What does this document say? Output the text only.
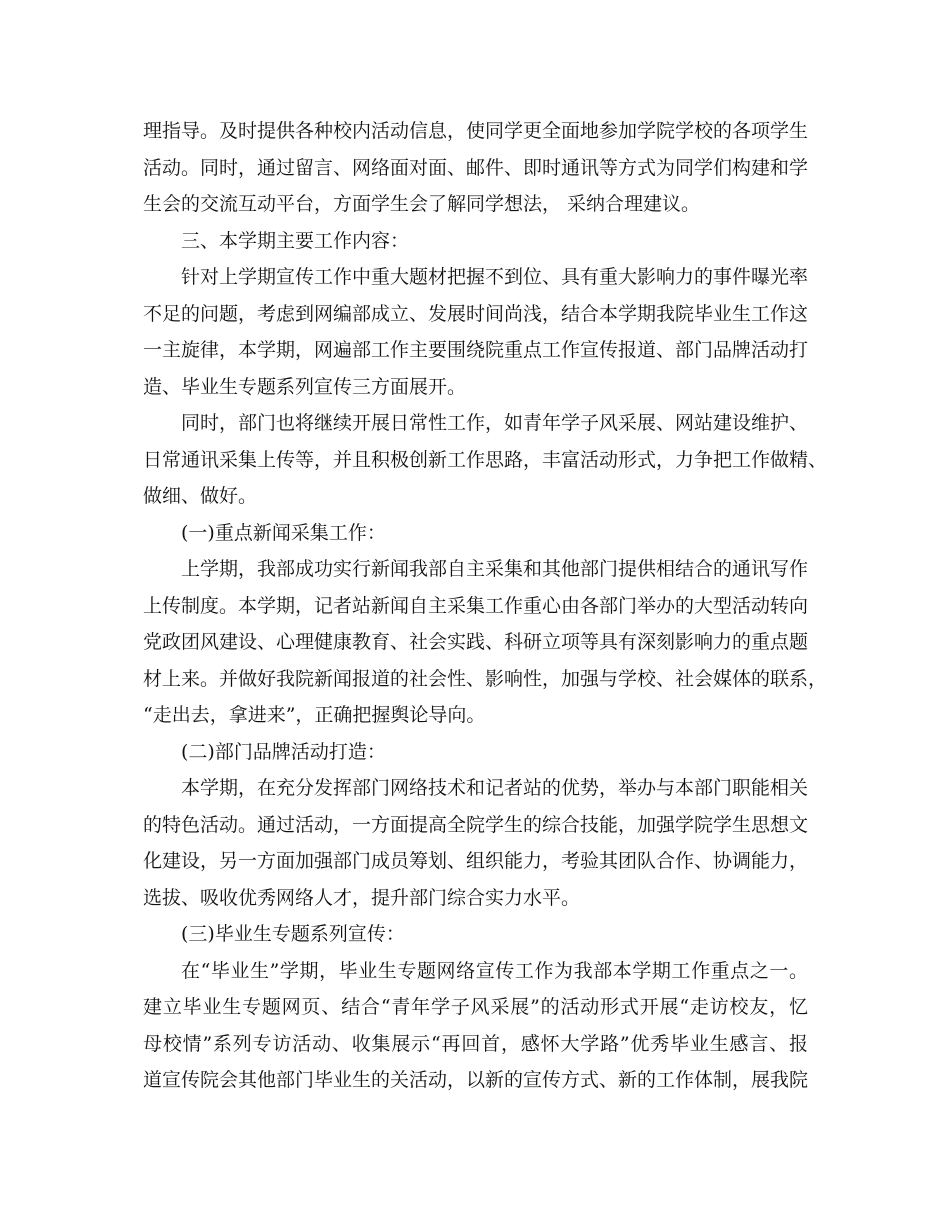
理指导。及时提供各种校内活动信息，使同学更全面地参加学院学校的各项学生
活动。同时，通过留言、网络面对面、邮件、即时通讯等方式为同学们构建和学
生会的交流互动平台，方面学生会了解同学想法， 采纳合理建议。
三、本学期主要工作内容：
针对上学期宣传工作中重大题材把握不到位、具有重大影响力的事件曝光率
不足的问题，考虑到网编部成立、发展时间尚浅，结合本学期我院毕业生工作这
一主旋律，本学期，网遍部工作主要围绕院重点工作宣传报道、部门品牌活动打
造、毕业生专题系列宣传三方面展开。
同时，部门也将继续开展日常性工作，如青年学子风采展、网站建设维护、
日常通讯采集上传等，并且积极创新工作思路，丰富活动形式，力争把工作做精、
做细、做好。
(一)重点新闻采集工作：
上学期，我部成功实行新闻我部自主采集和其他部门提供相结合的通讯写作
上传制度。本学期，记者站新闻自主采集工作重心由各部门举办的大型活动转向
党政团风建设、心理健康教育、社会实践、科研立项等具有深刻影响力的重点题
材上来。并做好我院新闻报道的社会性、影响性，加强与学校、社会媒体的联系，
“走出去，拿进来”，正确把握舆论导向。
(二)部门品牌活动打造：
本学期，在充分发挥部门网络技术和记者站的优势，举办与本部门职能相关
的特色活动。通过活动，一方面提高全院学生的综合技能，加强学院学生思想文
化建设，另一方面加强部门成员筹划、组织能力，考验其团队合作、协调能力，
选拔、吸收优秀网络人才，提升部门综合实力水平。
(三)毕业生专题系列宣传：
在“毕业生”学期，毕业生专题网络宣传工作为我部本学期工作重点之一。
建立毕业生专题网页、结合“青年学子风采展”的活动形式开展“走访校友，忆
母校情”系列专访活动、收集展示“再回首，感怀大学路”优秀毕业生感言、报
道宣传院会其他部门毕业生的关活动，以新的宣传方式、新的工作体制，展我院
